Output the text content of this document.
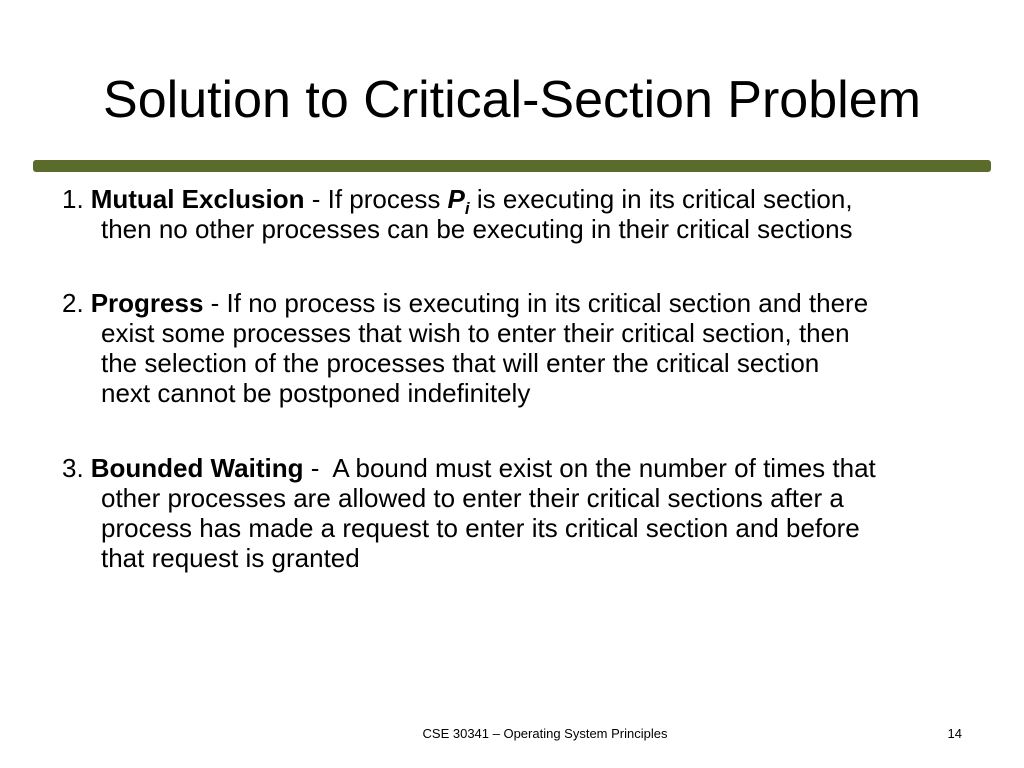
Solution to Critical-Section Problem
1. Mutual Exclusion - If process $P_i$ is executing in its critical section,
then no other processes can be executing in their critical sections
2. Progress - If no process is executing in its critical section and there
exist some processes that wish to enter their critical section, then
the selection of the processes that will enter the critical section
next cannot be postponed indefinitely
3. Bounded Waiting -  A bound must exist on the number of times that
other processes are allowed to enter their critical sections after a
process has made a request to enter its critical section and before
that request is granted
CSE 30341 – Operating System Principles	14
